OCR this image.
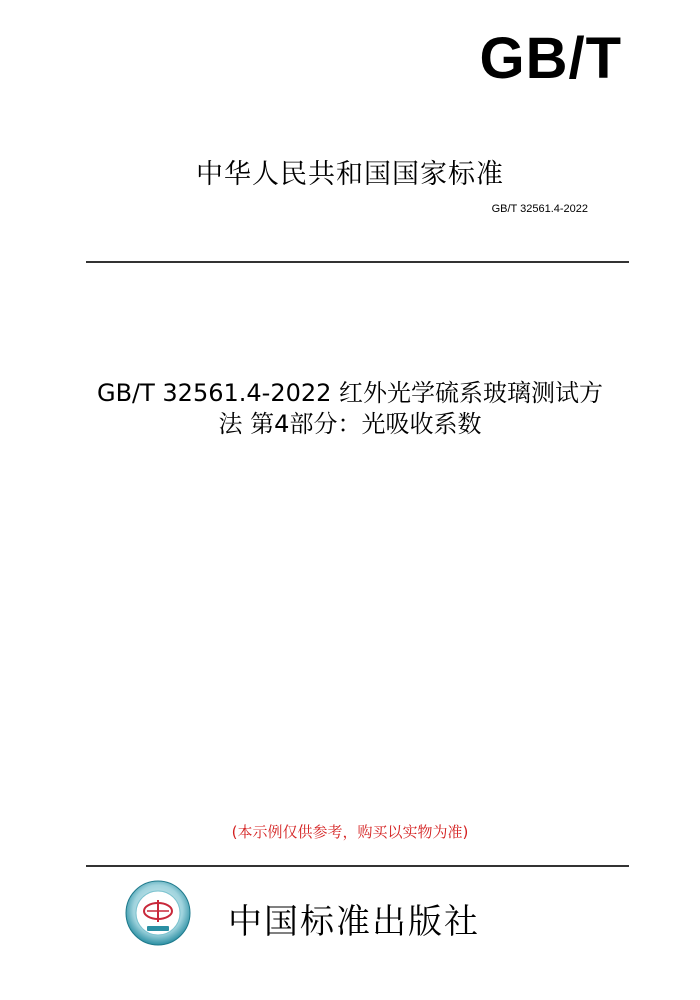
GB/T
中华人民共和国国家标准
GB/T 32561.4-2022
GB/T 32561.4-2022 红外光学硫系玻璃测试方
法 第4部分：光吸收系数
(本示例仅供参考，购买以实物为准)
中国标准出版社
